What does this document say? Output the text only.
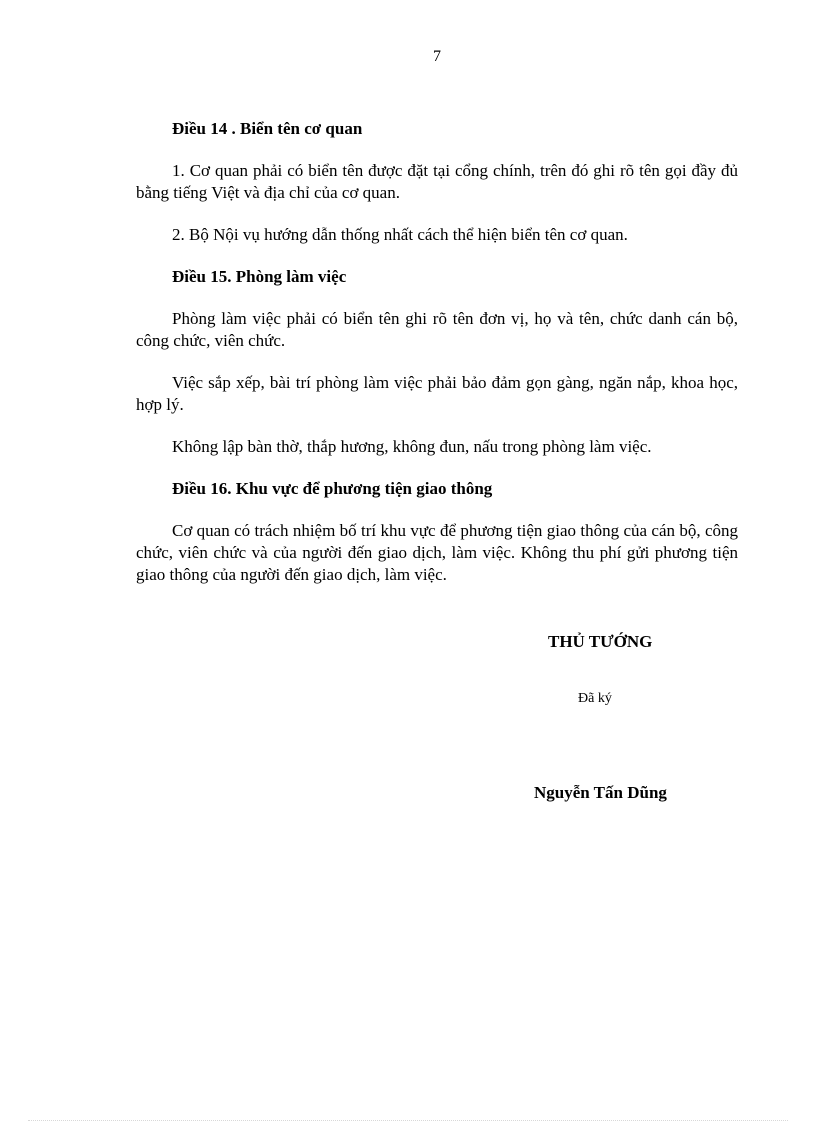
7

Điều 14 . Biển tên cơ quan

1. Cơ quan phải có biển tên được đặt tại cổng chính, trên đó ghi rõ tên gọi đầy đủ bằng tiếng Việt và địa chỉ của cơ quan.

2. Bộ Nội vụ hướng dẫn thống nhất cách thể hiện biển tên cơ quan.

Điều 15. Phòng làm việc

Phòng làm việc phải có biển tên ghi rõ tên đơn vị, họ và tên, chức danh cán bộ, công chức, viên chức.

Việc sắp xếp, bài trí phòng làm việc phải bảo đảm gọn gàng, ngăn nắp, khoa học, hợp lý.

Không lập bàn thờ, thắp hương, không đun, nấu trong phòng làm việc.

Điều 16. Khu vực để phương tiện giao thông

Cơ quan có trách nhiệm bố trí khu vực để phương tiện giao thông của cán bộ, công chức, viên chức và của người đến giao dịch, làm việc. Không thu phí gửi phương tiện giao thông của người đến giao dịch, làm việc.

THỦ TƯỚNG
Đã ký
Nguyễn Tấn Dũng
